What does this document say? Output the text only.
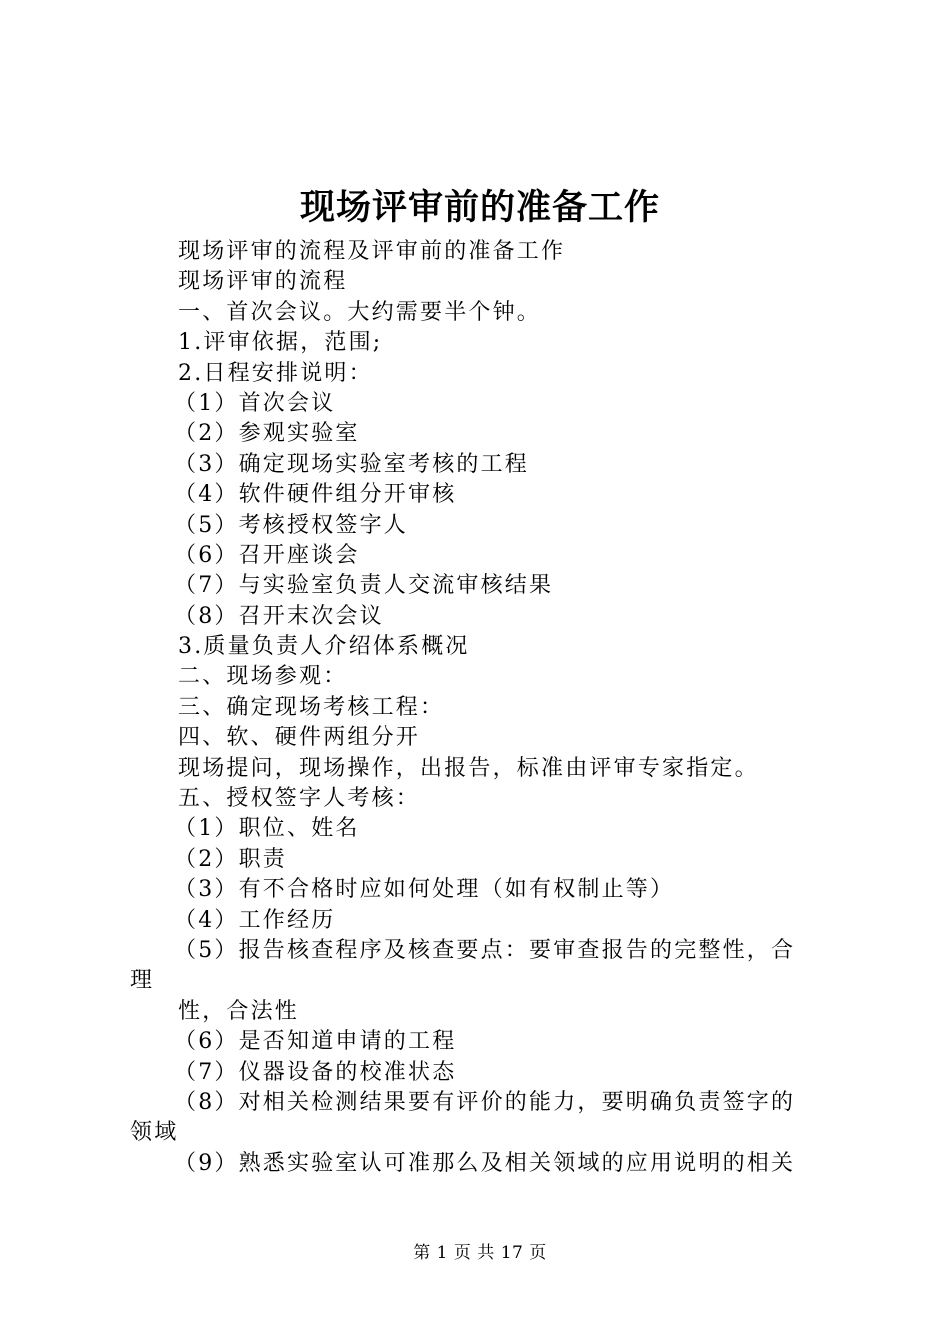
现场评审前的准备工作
现场评审的流程及评审前的准备工作
现场评审的流程
一、首次会议。大约需要半个钟。
1.评审依据，范围;
2.日程安排说明：
（1）首次会议
（2）参观实验室
（3）确定现场实验室考核的工程
（4）软件硬件组分开审核
（5）考核授权签字人
（6）召开座谈会
（7）与实验室负责人交流审核结果
（8）召开末次会议
3.质量负责人介绍体系概况
二、现场参观：
三、确定现场考核工程：
四、软、硬件两组分开
现场提问，现场操作，出报告，标准由评审专家指定。
五、授权签字人考核：
（1）职位、姓名
（2）职责
（3）有不合格时应如何处理（如有权制止等）
（4）工作经历
（5）报告核查程序及核查要点：要审查报告的完整性，合
理
性，合法性
（6）是否知道申请的工程
（7）仪器设备的校准状态
（8）对相关检测结果要有评价的能力，要明确负责签字的
领域
（9）熟悉实验室认可准那么及相关领域的应用说明的相关
第 1 页 共 17 页
